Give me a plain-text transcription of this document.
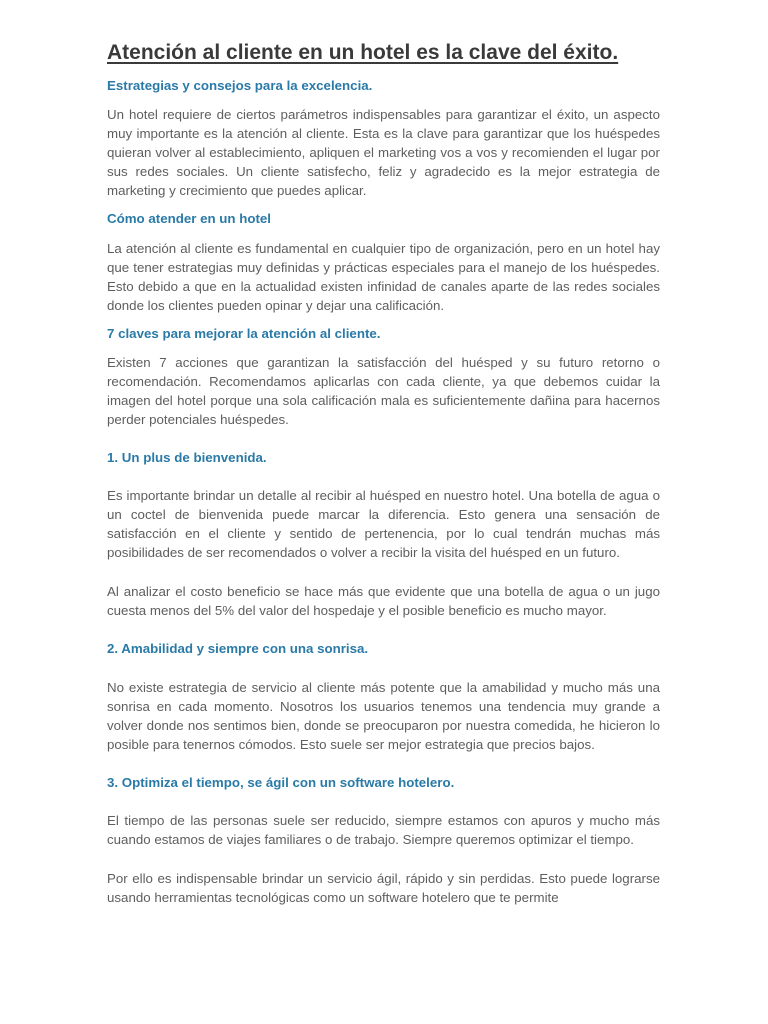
Atención al cliente en un hotel es la clave del éxito.
Estrategias y consejos para la excelencia.

Un hotel requiere de ciertos parámetros indispensables para garantizar el éxito, un aspecto muy importante es la atención al cliente. Esta es la clave para garantizar que los huéspedes quieran volver al establecimiento, apliquen el marketing vos a vos y recomienden el lugar por sus redes sociales. Un cliente satisfecho, feliz y agradecido es la mejor estrategia de marketing y crecimiento que puedes aplicar.

Cómo atender en un hotel

La atención al cliente es fundamental en cualquier tipo de organización, pero en un hotel hay que tener estrategias muy definidas y prácticas especiales para el manejo de los huéspedes. Esto debido a que en la actualidad existen infinidad de canales aparte de las redes sociales donde los clientes pueden opinar y dejar una calificación.

7 claves para mejorar la atención al cliente.

Existen 7 acciones que garantizan la satisfacción del huésped y su futuro retorno o recomendación. Recomendamos aplicarlas con cada cliente, ya que debemos cuidar la imagen del hotel porque una sola calificación mala es suficientemente dañina para hacernos perder potenciales huéspedes.

1. Un plus de bienvenida.

Es importante brindar un detalle al recibir al huésped en nuestro hotel. Una botella de agua o un coctel de bienvenida puede marcar la diferencia. Esto genera una sensación de satisfacción en el cliente y sentido de pertenencia, por lo cual tendrán muchas más posibilidades de ser recomendados o volver a recibir la visita del huésped en un futuro.

Al analizar el costo beneficio se hace más que evidente que una botella de agua o un jugo cuesta menos del 5% del valor del hospedaje y el posible beneficio es mucho mayor.

2. Amabilidad y siempre con una sonrisa.

No existe estrategia de servicio al cliente más potente que la amabilidad y mucho más una sonrisa en cada momento. Nosotros los usuarios tenemos una tendencia muy grande a volver donde nos sentimos bien, donde se preocuparon por nuestra comedida, he hicieron lo posible para tenernos cómodos. Esto suele ser mejor estrategia que precios bajos.

3. Optimiza el tiempo, se ágil con un software hotelero.

El tiempo de las personas suele ser reducido, siempre estamos con apuros y mucho más cuando estamos de viajes familiares o de trabajo. Siempre queremos optimizar el tiempo.

Por ello es indispensable brindar un servicio ágil, rápido y sin perdidas. Esto puede lograrse usando herramientas tecnológicas como un software hotelero que te permite
